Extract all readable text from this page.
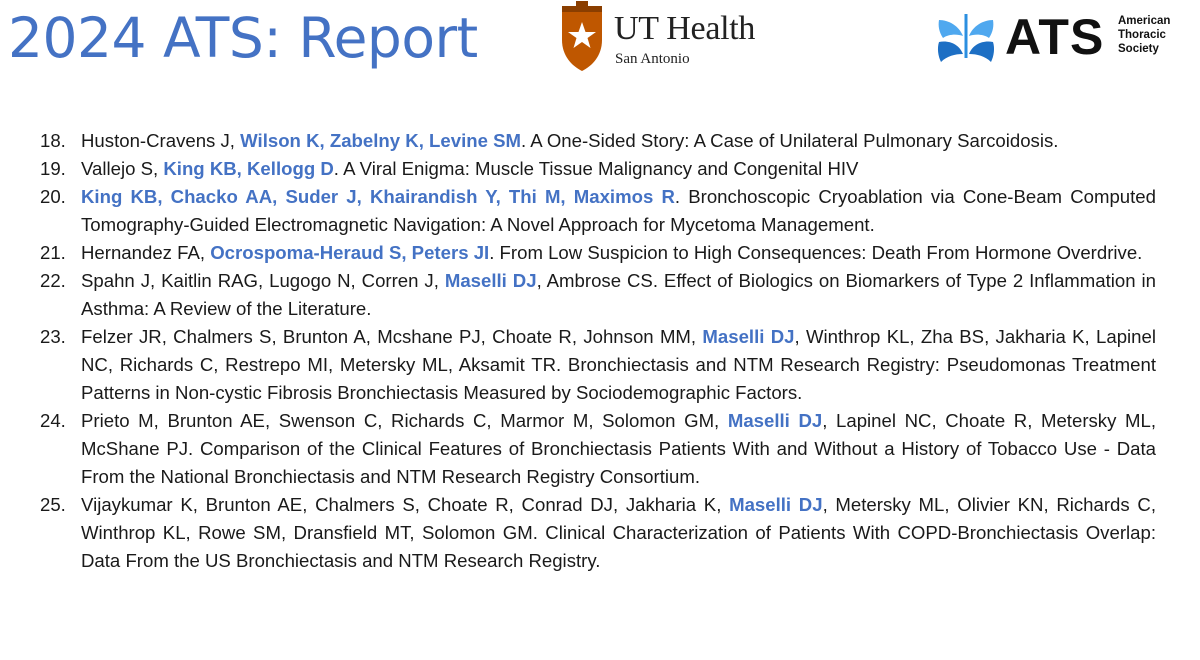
2024 ATS: Report	UT Health
San Antonio	ATS American
Thoracic
Society
18. Huston-Cravens J, Wilson K, Zabelny K, Levine SM. A One-Sided Story: A Case of Unilateral Pulmonary Sarcoidosis.
19. Vallejo S, King KB, Kellogg D. A Viral Enigma: Muscle Tissue Malignancy and Congenital HIV
20. King KB, Chacko AA, Suder J, Khairandish Y, Thi M, Maximos R. Bronchoscopic Cryoablation via Cone-Beam Computed Tomography-Guided Electromagnetic Navigation: A Novel Approach for Mycetoma Management.
21. Hernandez FA, Ocrospoma-Heraud S, Peters JI. From Low Suspicion to High Consequences: Death From Hormone Overdrive.
22. Spahn J, Kaitlin RAG, Lugogo N, Corren J, Maselli DJ, Ambrose CS. Effect of Biologics on Biomarkers of Type 2 Inflammation in Asthma: A Review of the Literature.
23. Felzer JR, Chalmers S, Brunton A, Mcshane PJ, Choate R, Johnson MM, Maselli DJ, Winthrop KL, Zha BS, Jakharia K, Lapinel NC, Richards C, Restrepo MI, Metersky ML, Aksamit TR. Bronchiectasis and NTM Research Registry: Pseudomonas Treatment Patterns in Non-cystic Fibrosis Bronchiectasis Measured by Sociodemographic Factors.
24. Prieto M, Brunton AE, Swenson C, Richards C, Marmor M, Solomon GM, Maselli DJ, Lapinel NC, Choate R, Metersky ML, McShane PJ. Comparison of the Clinical Features of Bronchiectasis Patients With and Without a History of Tobacco Use - Data From the National Bronchiectasis and NTM Research Registry Consortium.
25. Vijaykumar K, Brunton AE, Chalmers S, Choate R, Conrad DJ, Jakharia K, Maselli DJ, Metersky ML, Olivier KN, Richards C, Winthrop KL, Rowe SM, Dransfield MT, Solomon GM. Clinical Characterization of Patients With COPD-Bronchiectasis Overlap: Data From the US Bronchiectasis and NTM Research Registry.
